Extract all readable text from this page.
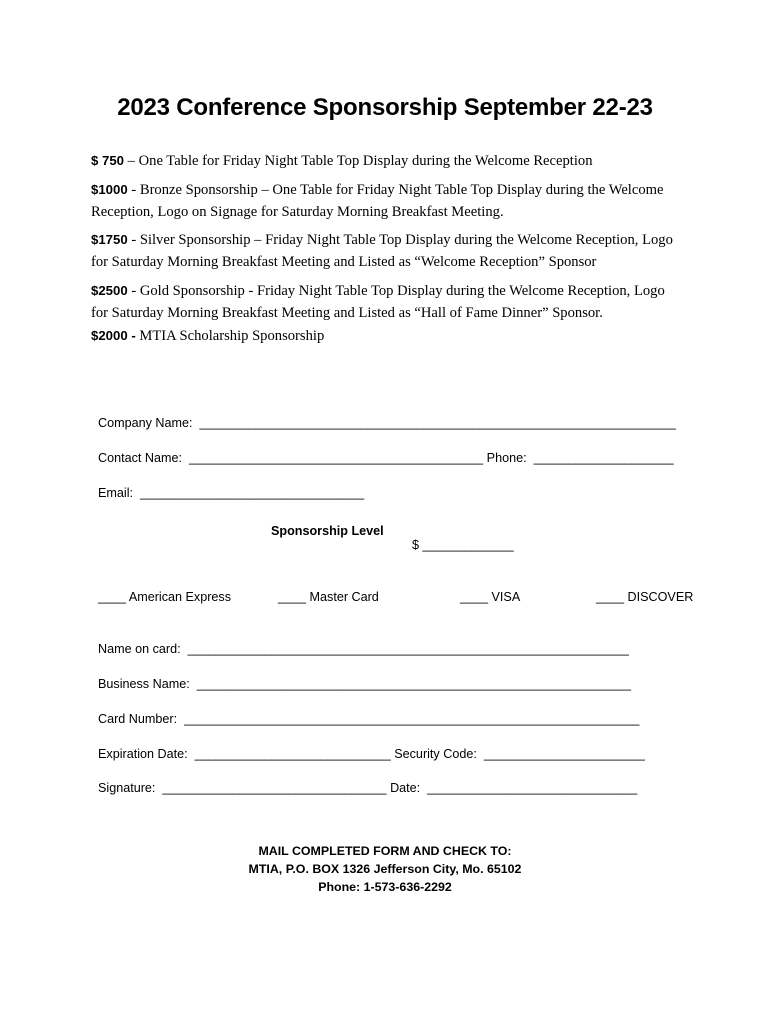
2023 Conference Sponsorship September 22-23
$ 750 – One Table for Friday Night Table Top Display during the Welcome Reception
$1000 - Bronze Sponsorship – One Table for Friday Night Table Top Display during the Welcome Reception, Logo on Signage for Saturday Morning Breakfast Meeting.
$1750 - Silver Sponsorship – Friday Night Table Top Display during the Welcome Reception, Logo for Saturday Morning Breakfast Meeting and Listed as “Welcome Reception” Sponsor
$2500 - Gold Sponsorship - Friday Night Table Top Display during the Welcome Reception, Logo for Saturday Morning Breakfast Meeting and Listed as “Hall of Fame Dinner” Sponsor.
$2000 - MTIA Scholarship Sponsorship

Company Name:  ____________________________________________________________________

Contact Name:  __________________________________________ Phone:  ____________________

Email:  ________________________________

Sponsorship Level

$ _____________

____ American Express	____ Master Card	____ VISA	____ DISCOVER

Name on card:  _______________________________________________________________

Business Name:  ______________________________________________________________

Card Number:  _________________________________________________________________

Expiration Date:  ____________________________ Security Code:  _______________________

Signature:  ________________________________ Date:  ______________________________

MAIL COMPLETED FORM AND CHECK TO:
MTIA, P.O. BOX 1326 Jefferson City, Mo. 65102
Phone: 1-573-636-2292
